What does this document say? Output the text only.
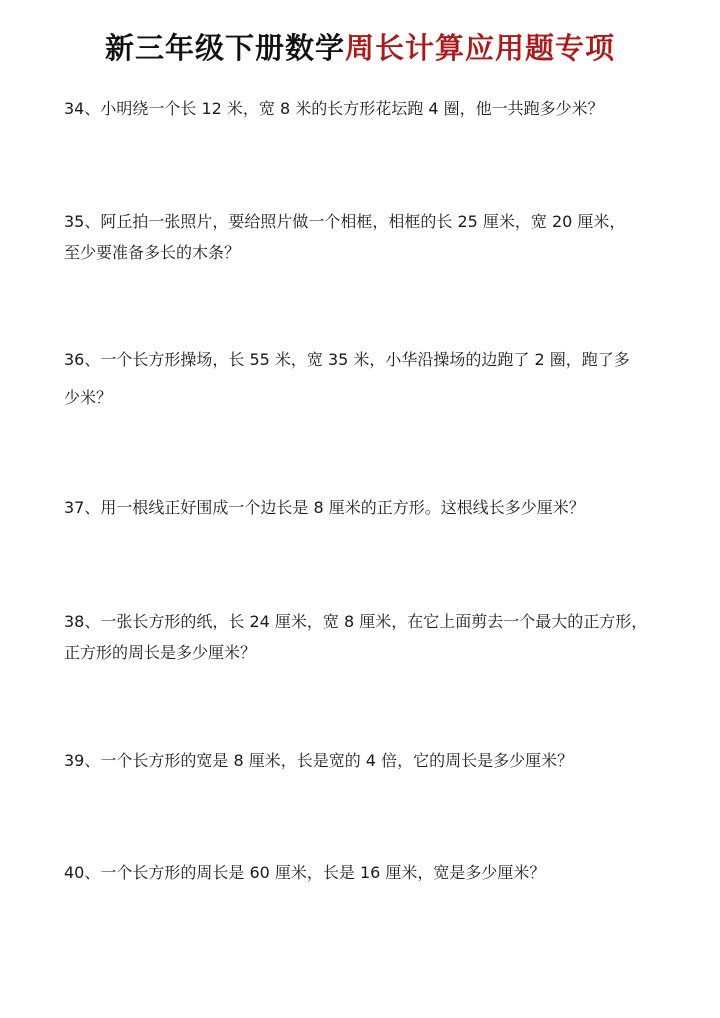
新三年级下册数学周长计算应用题专项
34、小明绕一个长 12 米，宽 8 米的长方形花坛跑 4 圈，他一共跑多少米？
35、阿丘拍一张照片，要给照片做一个相框，相框的长 25 厘米，宽 20 厘米，
至少要准备多长的木条？
36、一个长方形操场，长 55 米，宽 35 米，小华沿操场的边跑了 2 圈，跑了多
少米？
37、用一根线正好围成一个边长是 8 厘米的正方形。这根线长多少厘米？
38、一张长方形的纸，长 24 厘米，宽 8 厘米，在它上面剪去一个最大的正方形，
正方形的周长是多少厘米？
39、一个长方形的宽是 8 厘米，长是宽的 4 倍，它的周长是多少厘米？
40、一个长方形的周长是 60 厘米，长是 16 厘米，宽是多少厘米？
